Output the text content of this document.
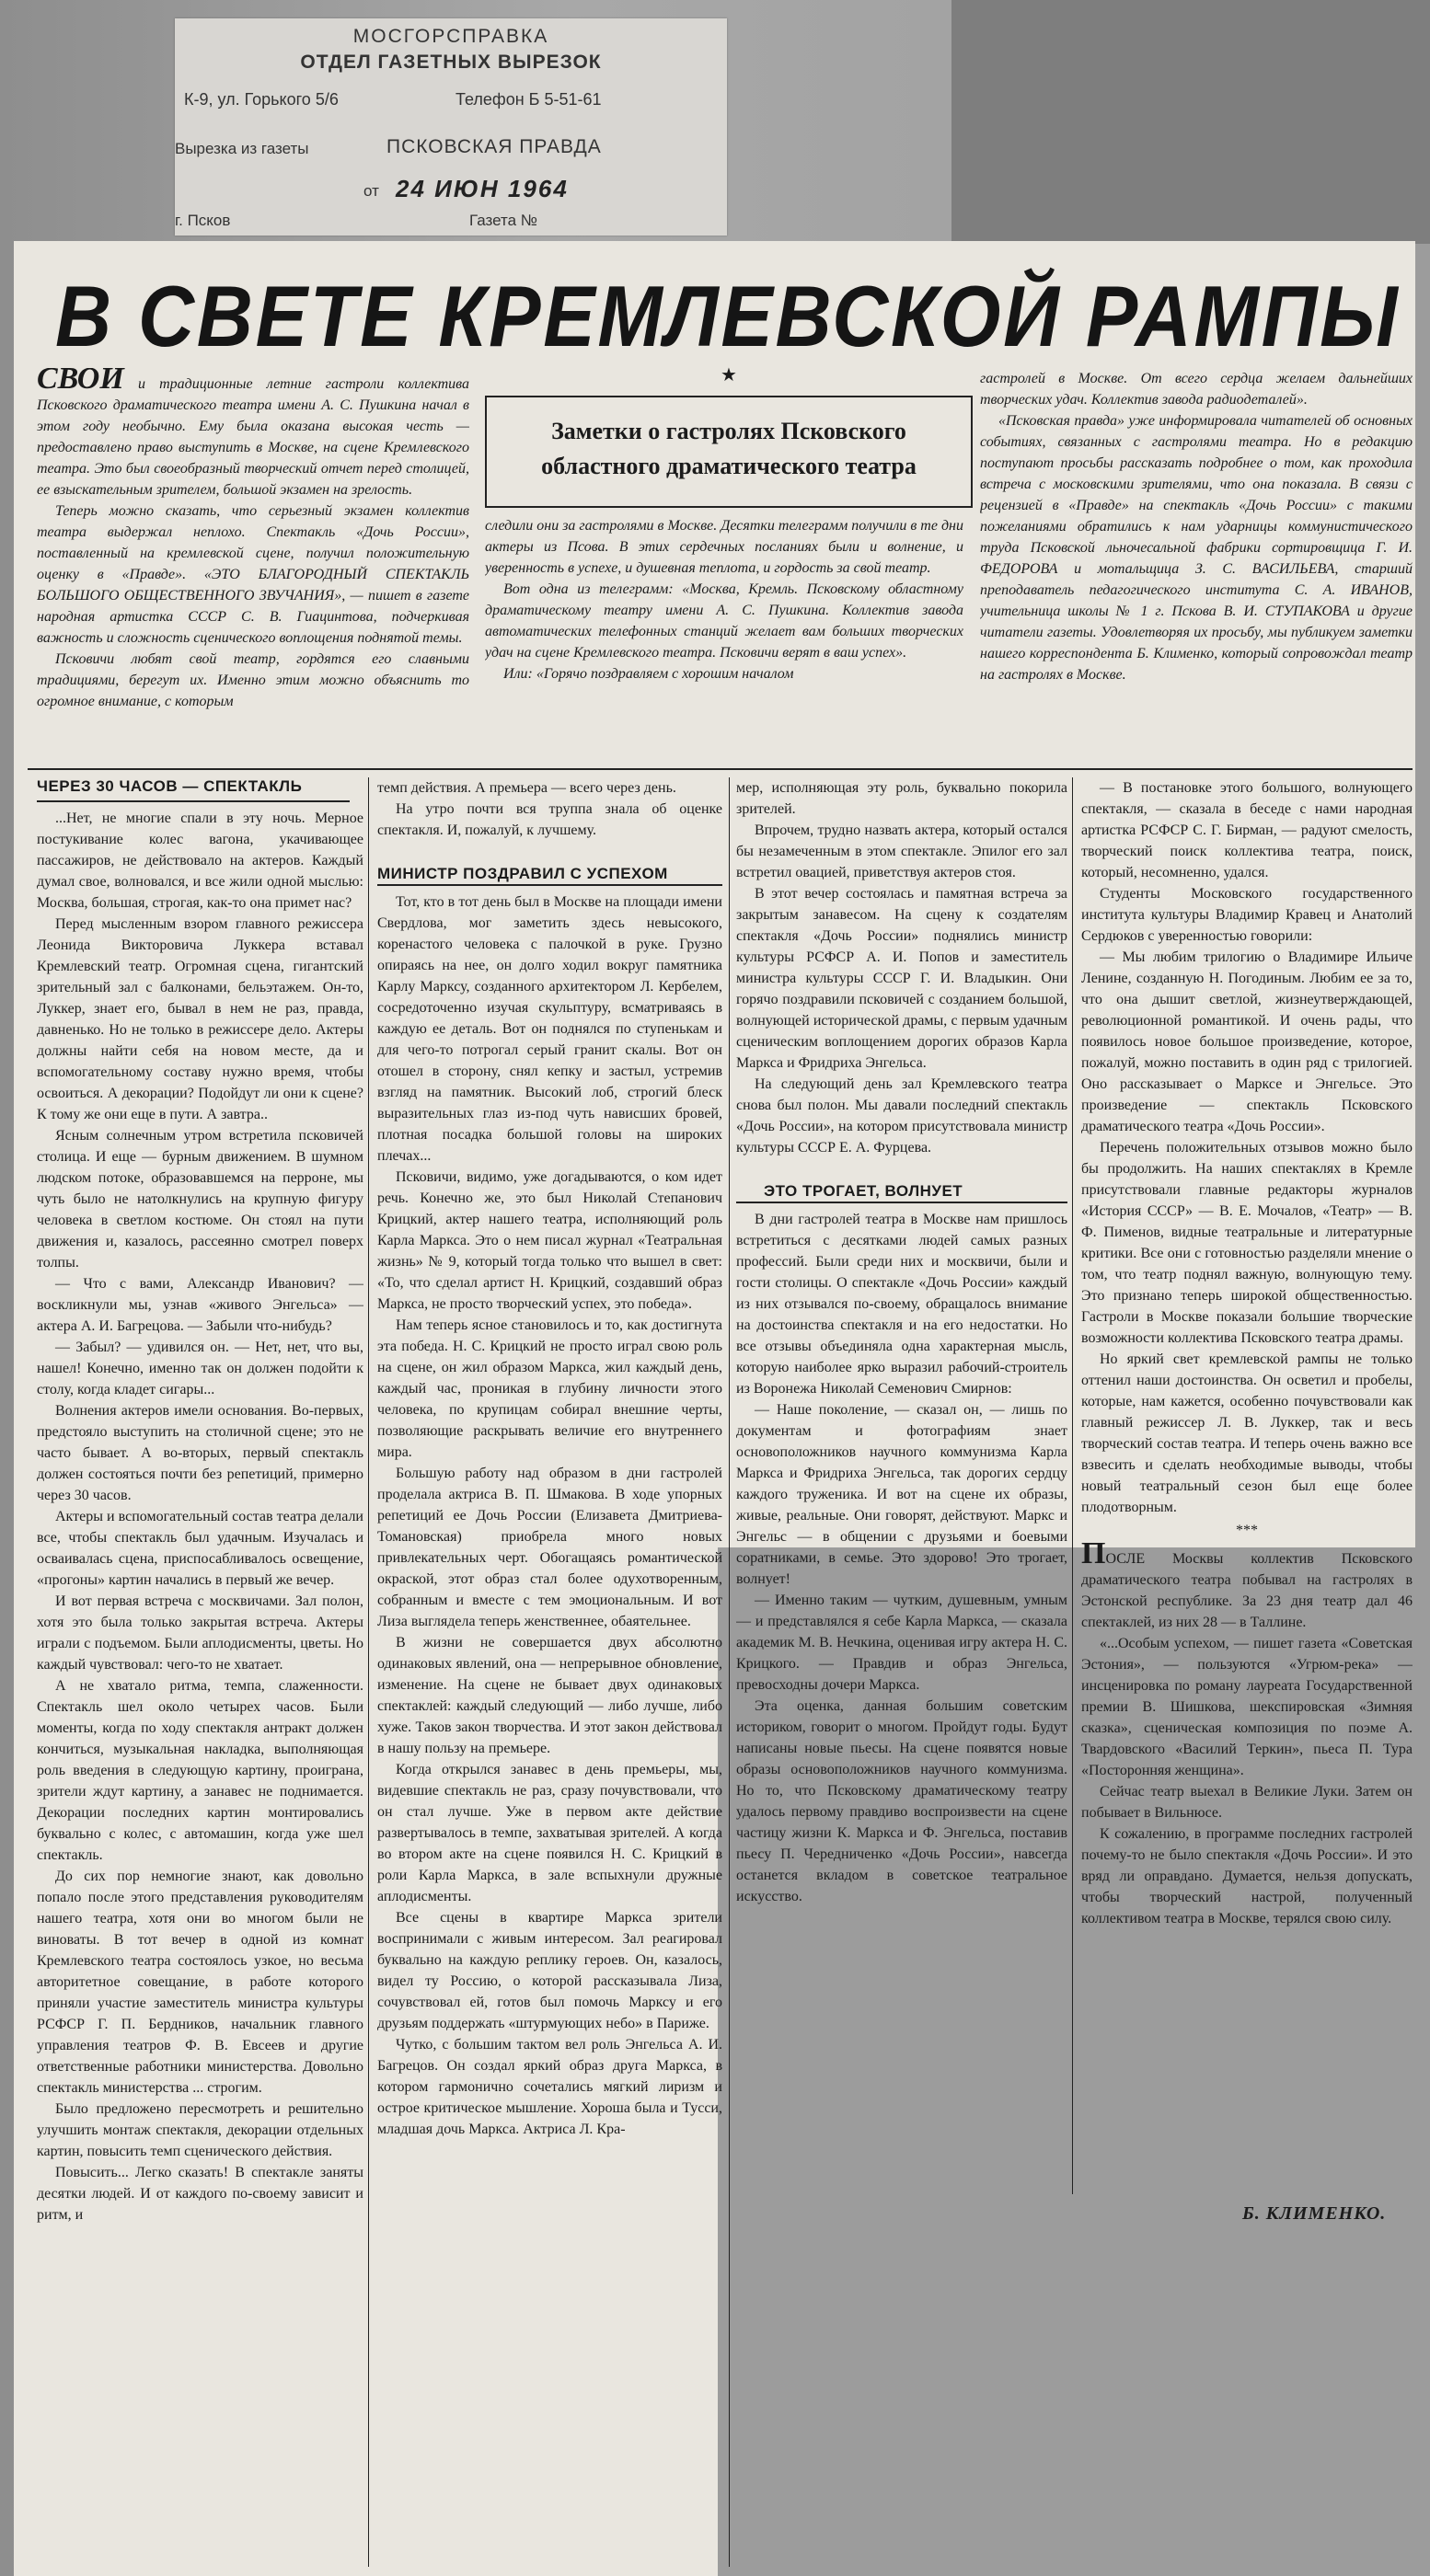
МОСГОРСПРАВКА
ОТДЕЛ ГАЗЕТНЫХ ВЫРЕЗОК
К-9, ул. Горького 5/6	Телефон Б 5-51-61
Вырезка из газеты	ПСКОВСКАЯ ПРАВДА
от 24 ИЮН 1964
г. Псков	Газета №
В СВЕТЕ КРЕМЛЕВСКОЙ РАМПЫ
★
Заметки о гастролях Псковского
областного драматического театра

СВОИ и традиционные летние гастроли коллектива Псковского драматического театра имени А. С. Пушкина начал в этом году необычно. Ему была оказана высокая честь — предоставлено право выступить в Москве, на сцене Кремлевского театра. Это был своеобразный творческий отчет перед столицей, ее взыскательным зрителем, большой экзамен на зрелость.

Теперь можно сказать, что серьезный экзамен коллектив театра выдержал неплохо. Спектакль «Дочь России», поставленный на кремлевской сцене, получил положительную оценку в «Правде». «ЭТО БЛАГОРОДНЫЙ СПЕКТАКЛЬ БОЛЬШОГО ОБЩЕСТВЕННОГО ЗВУЧАНИЯ», — пишет в газете народная артистка СССР С. В. Гиацинтова, подчеркивая важность и сложность сценического воплощения поднятой темы.

Псковичи любят свой театр, гордятся его славными традициями, берегут их. Именно этим можно объяснить то огромное внимание, с которым

следили они за гастролями в Москве. Десятки телеграмм получили в те дни актеры из Псова. В этих сердечных посланиях были и волнение, и уверенность в успехе, и душевная теплота, и гордость за свой театр.

Вот одна из телеграмм: «Москва, Кремль. Псковскому областному драматическому театру имени А. С. Пушкина. Коллектив завода автоматических телефонных станций желает вам больших творческих удач на сцене Кремлевского театра. Псковичи верят в ваш успех».

Или: «Горячо поздравляем с хорошим началом

гастролей в Москве. От всего сердца желаем дальнейших творческих удач. Коллектив завода радиодеталей».

«Псковская правда» уже информировала читателей об основных событиях, связанных с гастролями театра. Но в редакцию поступают просьбы рассказать подробнее о том, как проходила встреча с московскими зрителями, что она показала. В связи с рецензией в «Правде» на спектакль «Дочь России» с такими пожеланиями обратились к нам ударницы коммунистического труда Псковской льночесальной фабрики сортировщица Г. И. ФЕДОРОВА и мотальщица З. С. ВАСИЛЬЕВА, старший преподаватель педагогического института С. А. ИВАНОВ, учительница школы № 1 г. Пскова В. И. СТУПАКОВА и другие читатели газеты. Удовлетворяя их просьбу, мы публикуем заметки нашего корреспондента Б. Клименко, который сопровождал театр на гастролях в Москве.

ЧЕРЕЗ 30 ЧАСОВ — СПЕКТАКЛЬ

...Нет, не многие спали в эту ночь. Мерное постукивание колес вагона, укачивающее пассажиров, не действовало на актеров. Каждый думал свое, волновался, и все жили одной мыслью: Москва, большая, строгая, как-то она примет нас?

Перед мысленным взором главного режиссера Леонида Викторовича Луккера вставал Кремлевский театр. Огромная сцена, гигантский зрительный зал с балконами, бельэтажем. Он-то, Луккер, знает его, бывал в нем не раз, правда, давненько. Но не только в режиссере дело. Актеры должны найти себя на новом месте, да и вспомогательному составу нужно время, чтобы освоиться. А декорации? Подойдут ли они к сцене? К тому же они еще в пути. А завтра..

Ясным солнечным утром встретила псковичей столица. И еще — бурным движением. В шумном людском потоке, образовавшемся на перроне, мы чуть было не натолкнулись на крупную фигуру человека в светлом костюме. Он стоял на пути движения и, казалось, рассеянно смотрел поверх толпы.

— Что с вами, Александр Иванович? — воскликнули мы, узнав «живого Энгельса» — актера А. И. Багрецова. — Забыли что-нибудь?

— Забыл? — удивился он. — Нет, нет, что вы, нашел! Конечно, именно так он должен подойти к столу, когда кладет сигары...

Волнения актеров имели основания. Во-первых, предстояло выступить на столичной сцене; это не часто бывает. А во-вторых, первый спектакль должен состояться почти без репетиций, примерно через 30 часов.

Актеры и вспомогательный состав театра делали все, чтобы спектакль был удачным. Изучалась и осваивалась сцена, приспосабливалось освещение, «прогоны» картин начались в первый же вечер.

И вот первая встреча с москвичами. Зал полон, хотя это была только закрытая встреча. Актеры играли с подъемом. Были аплодисменты, цветы. Но каждый чувствовал: чего-то не хватает.

А не хватало ритма, темпа, слаженности. Спектакль шел около четырех часов. Были моменты, когда по ходу спектакля антракт должен кончиться, музыкальная накладка, выполняющая роль введения в следующую картину, проиграна, зрители ждут картину, а занавес не поднимается. Декорации последних картин монтировались буквально с колес, с автомашин, когда уже шел спектакль.

До сих пор немногие знают, как довольно попало после этого представления руководителям нашего театра, хотя они во многом были не виноваты. В тот вечер в одной из комнат Кремлевского театра состоялось узкое, но весьма авторитетное совещание, в работе которого приняли участие заместитель министра культуры РСФСР Г. П. Бердников, начальник главного управления театров Ф. В. Евсеев и другие ответственные работники министерства. Довольно спектакль министерства ... строгим.

Было предложено пересмотреть и решительно улучшить монтаж спектакля, декорации отдельных картин, повысить темп сценического действия.

Повысить... Легко сказать! В спектакле заняты десятки людей. И от каждого по-своему зависит и ритм, и

темп действия. А премьера — всего через день.

На утро почти вся труппа знала об оценке спектакля. И, пожалуй, к лучшему.

МИНИСТР ПОЗДРАВИЛ С УСПЕХОМ

Тот, кто в тот день был в Москве на площади имени Свердлова, мог заметить здесь невысокого, коренастого человека с палочкой в руке. Грузно опираясь на нее, он долго ходил вокруг памятника Карлу Марксу, созданного архитектором Л. Кербелем, сосредоточенно изучая скульптуру, всматриваясь в каждую ее деталь. Вот он поднялся по ступенькам и для чего-то потрогал серый гранит скалы. Вот он отошел в сторону, снял кепку и застыл, устремив взгляд на памятник. Высокий лоб, строгий блеск выразительных глаз из-под чуть нависших бровей, плотная посадка большой головы на широких плечах...

Псковичи, видимо, уже догадываются, о ком идет речь. Конечно же, это был Николай Степанович Крицкий, актер нашего театра, исполняющий роль Карла Маркса. Это о нем писал журнал «Театральная жизнь» № 9, который тогда только что вышел в свет: «То, что сделал артист Н. Крицкий, создавший образ Маркса, не просто творческий успех, это победа».

Нам теперь ясное становилось и то, как достигнута эта победа. Н. С. Крицкий не просто играл свою роль на сцене, он жил образом Маркса, жил каждый день, каждый час, проникая в глубину личности этого человека, по крупицам собирал внешние черты, позволяющие раскрывать величие его внутреннего мира.

Большую работу над образом в дни гастролей проделала актриса В. П. Шмакова. В ходе упорных репетиций ее Дочь России (Елизавета Дмитриева-Томановская) приобрела много новых привлекательных черт. Обогащаясь романтической окраской, этот образ стал более одухотворенным, собранным и вместе с тем эмоциональным. И вот Лиза выглядела теперь женственнее, обаятельнее.

В жизни не совершается двух абсолютно одинаковых явлений, она — непрерывное обновление, изменение. На сцене не бывает двух одинаковых спектаклей: каждый следующий — либо лучше, либо хуже. Таков закон творчества. И этот закон действовал в нашу пользу на премьере.

Когда открылся занавес в день премьеры, мы, видевшие спектакль не раз, сразу почувствовали, что он стал лучше. Уже в первом акте действие развертывалось в темпе, захватывая зрителей. А когда во втором акте на сцене появился Н. С. Крицкий в роли Карла Маркса, в зале вспыхнули дружные аплодисменты.

Все сцены в квартире Маркса зрители воспринимали с живым интересом. Зал реагировал буквально на каждую реплику героев. Он, казалось, видел ту Россию, о которой рассказывала Лиза, сочувствовал ей, готов был помочь Марксу и его друзьям поддержать «штурмующих небо» в Париже.

Чутко, с большим тактом вел роль Энгельса А. И. Багрецов. Он создал яркий образ друга Маркса, в котором гармонично сочетались мягкий лиризм и острое критическое мышление. Хороша была и Тусси, младшая дочь Маркса. Актриса Л. Кра-

мер, исполняющая эту роль, буквально покорила зрителей.

Впрочем, трудно назвать актера, который остался бы незамеченным в этом спектакле. Эпилог его зал встретил овацией, приветствуя актеров стоя.

В этот вечер состоялась и памятная встреча за закрытым занавесом. На сцену к создателям спектакля «Дочь России» поднялись министр культуры РСФСР А. И. Попов и заместитель министра культуры СССР Г. И. Владыкин. Они горячо поздравили псковичей с созданием большой, волнующей исторической драмы, с первым удачным сценическим воплощением дорогих образов Карла Маркса и Фридриха Энгельса.

На следующий день зал Кремлевского театра снова был полон. Мы давали последний спектакль «Дочь России», на котором присутствовала министр культуры СССР Е. А. Фурцева.

ЭТО ТРОГАЕТ, ВОЛНУЕТ

В дни гастролей театра в Москве нам пришлось встретиться с десятками людей самых разных профессий. Были среди них и москвичи, были и гости столицы. О спектакле «Дочь России» каждый из них отзывался по-своему, обращалось внимание на достоинства спектакля и на его недостатки. Но все отзывы объединяла одна характерная мысль, которую наиболее ярко выразил рабочий-строитель из Воронежа Николай Семенович Смирнов:

— Наше поколение, — сказал он, — лишь по документам и фотографиям знает основоположников научного коммунизма Карла Маркса и Фридриха Энгельса, так дорогих сердцу каждого труженика. И вот на сцене их образы, живые, реальные. Они говорят, действуют. Маркс и Энгельс — в общении с друзьями и боевыми соратниками, в семье. Это здорово! Это трогает, волнует!

— Именно таким — чутким, душевным, умным — и представлялся я себе Карла Маркса, — сказала академик М. В. Нечкина, оценивая игру актера Н. С. Крицкого. — Правдив и образ Энгельса, превосходны дочери Маркса.

Эта оценка, данная большим советским историком, говорит о многом. Пройдут годы. Будут написаны новые пьесы. На сцене появятся новые образы основоположников научного коммунизма. Но то, что Псковскому драматическому театру удалось первому правдиво воспроизвести на сцене частицу жизни К. Маркса и Ф. Энгельса, поставив пьесу П. Чередниченко «Дочь России», навсегда останется вкладом в советское театральное искусство.

— В постановке этого большого, волнующего спектакля, — сказала в беседе с нами народная артистка РСФСР С. Г. Бирман, — радуют смелость, творческий поиск коллектива театра, поиск, который, несомненно, удался.

Студенты Московского государственного института культуры Владимир Кравец и Анатолий Сердюков с уверенностью говорили:

— Мы любим трилогию о Владимире Ильиче Ленине, созданную Н. Погодиным. Любим ее за то, что она дышит светлой, жизнеутверждающей, революционной романтикой. И очень рады, что появилось новое большое произведение, которое, пожалуй, можно поставить в один ряд с трилогией. Оно рассказывает о Марксе и Энгельсе. Это произведение — спектакль Псковского драматического театра «Дочь России».

Перечень положительных отзывов можно было бы продолжить. На наших спектаклях в Кремле присутствовали главные редакторы журналов «История СССР» — В. Е. Мочалов, «Театр» — В. Ф. Пименов, видные театральные и литературные критики. Все они с готовностью разделяли мнение о том, что театр поднял важную, волнующую тему. Это признано теперь широкой общественностью. Гастроли в Москве показали большие творческие возможности коллектива Псковского театра драмы.

Но яркий свет кремлевской рампы не только оттенил наши достоинства. Он осветил и пробелы, которые, нам кажется, особенно почувствовали как главный режиссер Л. В. Луккер, так и весь творческий состав театра. И теперь очень важно все взвесить и сделать необходимые выводы, чтобы новый театральный сезон был еще более плодотворным.

***

ПОСЛЕ Москвы коллектив Псковского драматического театра побывал на гастролях в Эстонской республике. За 23 дня театр дал 46 спектаклей, из них 28 — в Таллине.

«...Особым успехом, — пишет газета «Советская Эстония», — пользуются «Угрюм-река» — инсценировка по роману лауреата Государственной премии В. Шишкова, шекспировская «Зимняя сказка», сценическая композиция по поэме А. Твардовского «Василий Теркин», пьеса П. Тура «Посторонняя женщина».

Сейчас театр выехал в Великие Луки. Затем он побывает в Вильнюсе.

К сожалению, в программе последних гастролей почему-то не было спектакля «Дочь России». И это вряд ли оправдано. Думается, нельзя допускать, чтобы творческий настрой, полученный коллективом театра в Москве, терялся свою силу.

Б. КЛИМЕНКО.
